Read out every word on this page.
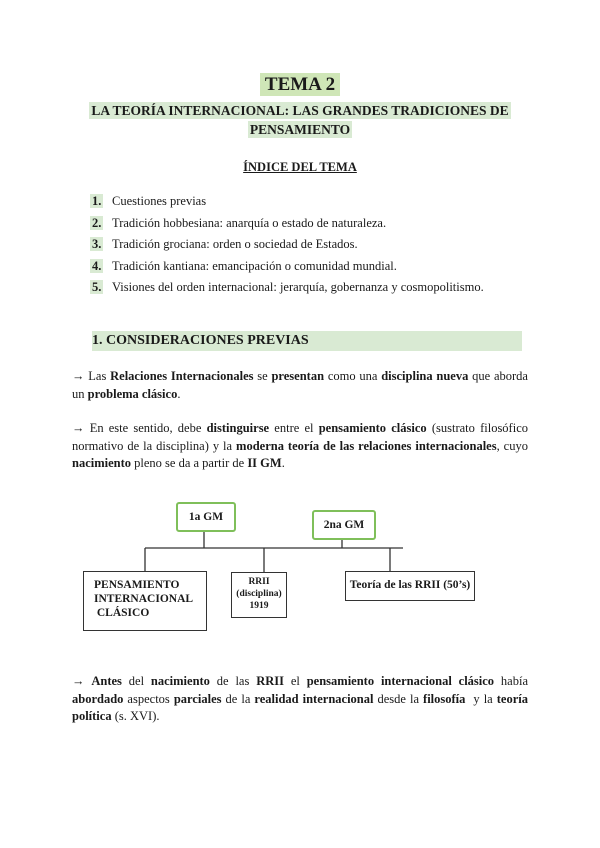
TEMA 2
LA TEORÍA INTERNACIONAL: LAS GRANDES TRADICIONES DE
PENSAMIENTO
ÍNDICE DEL TEMA
1. Cuestiones previas
2. Tradición hobbesiana: anarquía o estado de naturaleza.
3. Tradición grociana: orden o sociedad de Estados.
4. Tradición kantiana: emancipación o comunidad mundial.
5. Visiones del orden internacional: jerarquía, gobernanza y cosmopolitismo.
1. CONSIDERACIONES PREVIAS

→ Las Relaciones Internacionales se presentan como una disciplina nueva que aborda un problema clásico.

→ En este sentido, debe distinguirse entre el pensamiento clásico (sustrato filosófico normativo de la disciplina) y la moderna teoría de las relaciones internacionales, cuyo nacimiento pleno se da a partir de II GM.

1a GM
2na GM
PENSAMIENTO
INTERNACIONAL
CLÁSICO
RRII
(disciplina)
1919
Teoría de las RRII (50’s)

→ Antes del nacimiento de las RRII el pensamiento internacional clásico había abordado aspectos parciales de la realidad internacional desde la filosofía  y la teoría política (s. XVI).
